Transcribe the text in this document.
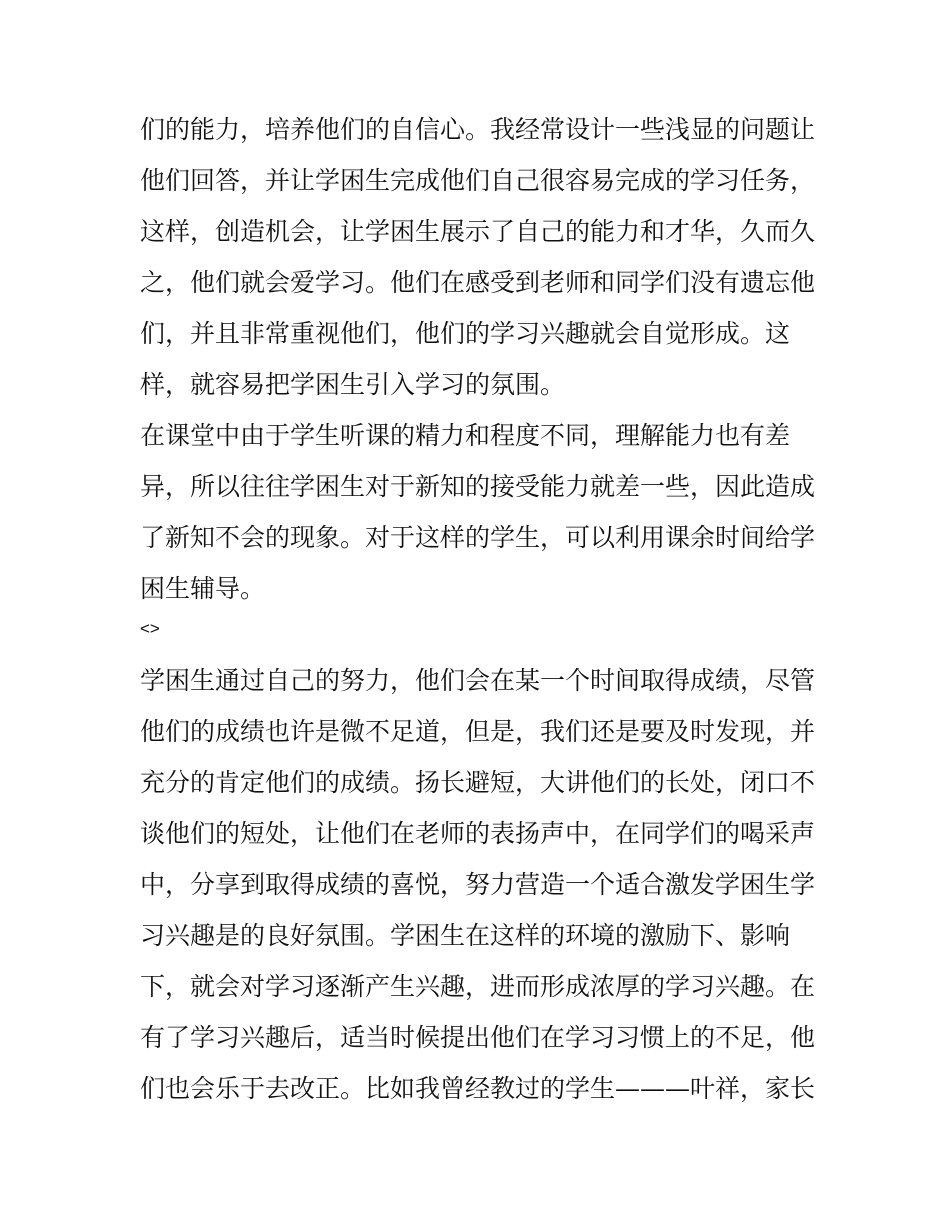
们的能力，培养他们的自信心。我经常设计一些浅显的问题让
他们回答，并让学困生完成他们自己很容易完成的学习任务，
这样，创造机会，让学困生展示了自己的能力和才华，久而久
之，他们就会爱学习。他们在感受到老师和同学们没有遗忘他
们，并且非常重视他们，他们的学习兴趣就会自觉形成。这
样，就容易把学困生引入学习的氛围。
在课堂中由于学生听课的精力和程度不同，理解能力也有差
异，所以往往学困生对于新知的接受能力就差一些，因此造成
了新知不会的现象。对于这样的学生，可以利用课余时间给学
困生辅导。
<>
学困生通过自己的努力，他们会在某一个时间取得成绩，尽管
他们的成绩也许是微不足道，但是，我们还是要及时发现，并
充分的肯定他们的成绩。扬长避短，大讲他们的长处，闭口不
谈他们的短处，让他们在老师的表扬声中，在同学们的喝采声
中，分享到取得成绩的喜悦，努力营造一个适合激发学困生学
习兴趣是的良好氛围。学困生在这样的环境的激励下、影响
下，就会对学习逐渐产生兴趣，进而形成浓厚的学习兴趣。在
有了学习兴趣后，适当时候提出他们在学习习惯上的不足，他
们也会乐于去改正。比如我曾经教过的学生———叶祥，家长
